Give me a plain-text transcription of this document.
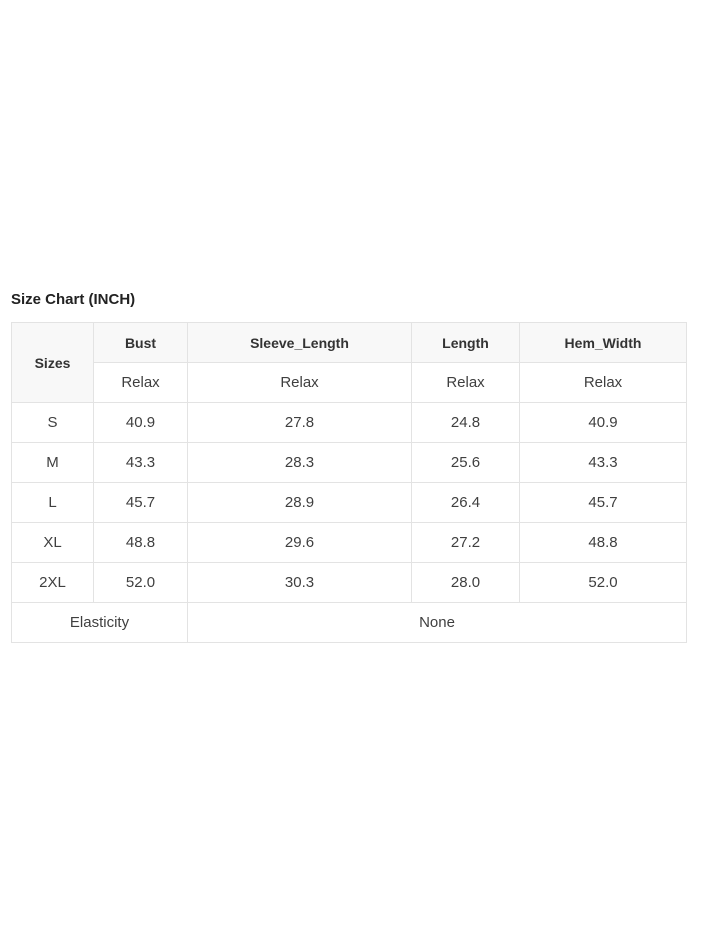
Size Chart (INCH)
Sizes	Bust	Sleeve_Length	Length	Hem_Width
	Relax	Relax	Relax	Relax
S	40.9	27.8	24.8	40.9
M	43.3	28.3	25.6	43.3
L	45.7	28.9	26.4	45.7
XL	48.8	29.6	27.2	48.8
2XL	52.0	30.3	28.0	52.0
Elasticity		None		
